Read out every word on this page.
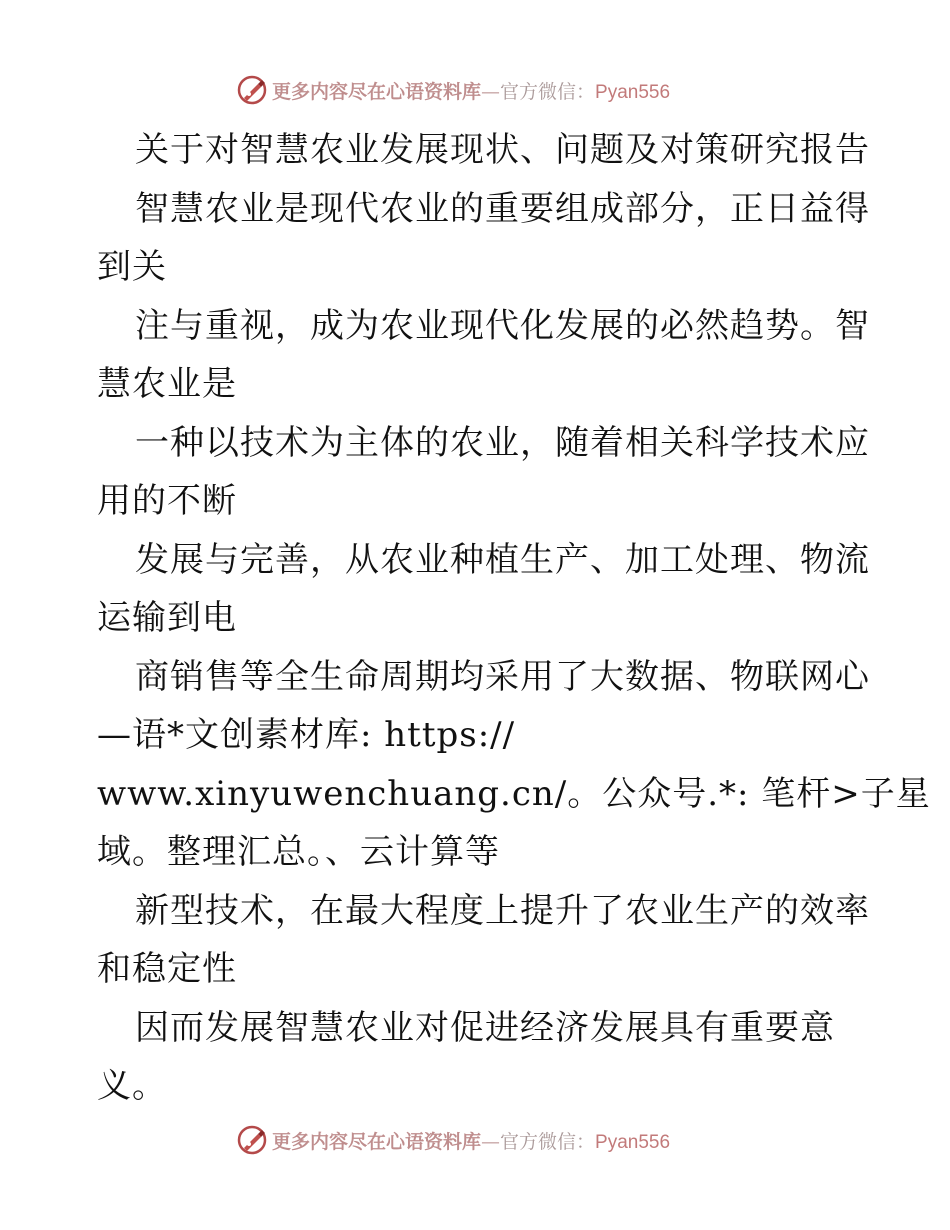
更多内容尽在心语资料库—官方微信：Pyan556
关于对智慧农业发展现状、问题及对策研究报告
智慧农业是现代农业的重要组成部分，正日益得
到关
注与重视，成为农业现代化发展的必然趋势。智
慧农业是
一种以技术为主体的农业，随着相关科学技术应
用的不断
发展与完善，从农业种植生产、加工处理、物流
运输到电
商销售等全生命周期均采用了大数据、物联网心
—语*文创素材库: https://
www.xinyuwenchuang.cn/。公众号.*: 笔杆>子星
域。整理汇总。、云计算等
新型技术，在最大程度上提升了农业生产的效率
和稳定性
因而发展智慧农业对促进经济发展具有重要意
义。
更多内容尽在心语资料库—官方微信：Pyan556
